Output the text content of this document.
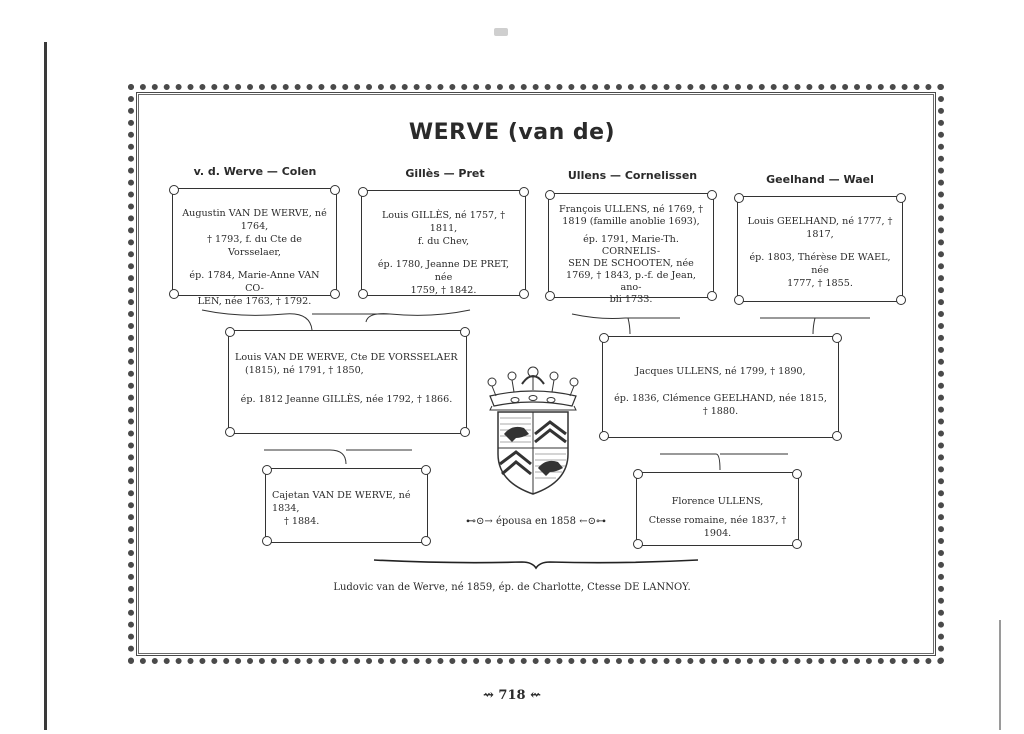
WERVE (van de)
v. d. Werve — Colen	Gillès — Pret	Ullens — Cornelissen	Geelhand — Wael

Augustin VAN DE WERVE, né 1764,

† 1793, f. du Cte de Vorsselaer,

ép. 1784, Marie-Anne VAN CO-

LEN, née 1763, † 1792.

Louis GILLÈS, né 1757, † 1811,

f. du Chev,

ép. 1780, Jeanne DE PRET, née

1759, † 1842.

François ULLENS, né 1769, †

1819 (famille anoblie 1693),

ép. 1791, Marie-Th. CORNELIS-

SEN DE SCHOOTEN, née

1769, † 1843, p.-f. de Jean, ano-

bli 1733.

Louis GEELHAND, né 1777, †

1817,

ép. 1803, Thérèse DE WAEL, née

1777, † 1855.

Louis VAN DE WERVE, Cte DE VORSSELAER

(1815), né 1791, † 1850,

ép. 1812 Jeanne GILLÈS, née 1792, † 1866.

Jacques ULLENS, né 1799, † 1890,

ép. 1836, Clémence GEELHAND, née 1815, † 1880.

Cajetan VAN DE WERVE, né 1834,

† 1884.

Florence ULLENS,

Ctesse romaine, née 1837, † 1904.

⊷⊙→ épousa en 1858 ←⊙⊶
Ludovic van de Werve, né 1859, ép. de Charlotte, Ctesse DE LANNOY.
⇝ 718 ⇜
